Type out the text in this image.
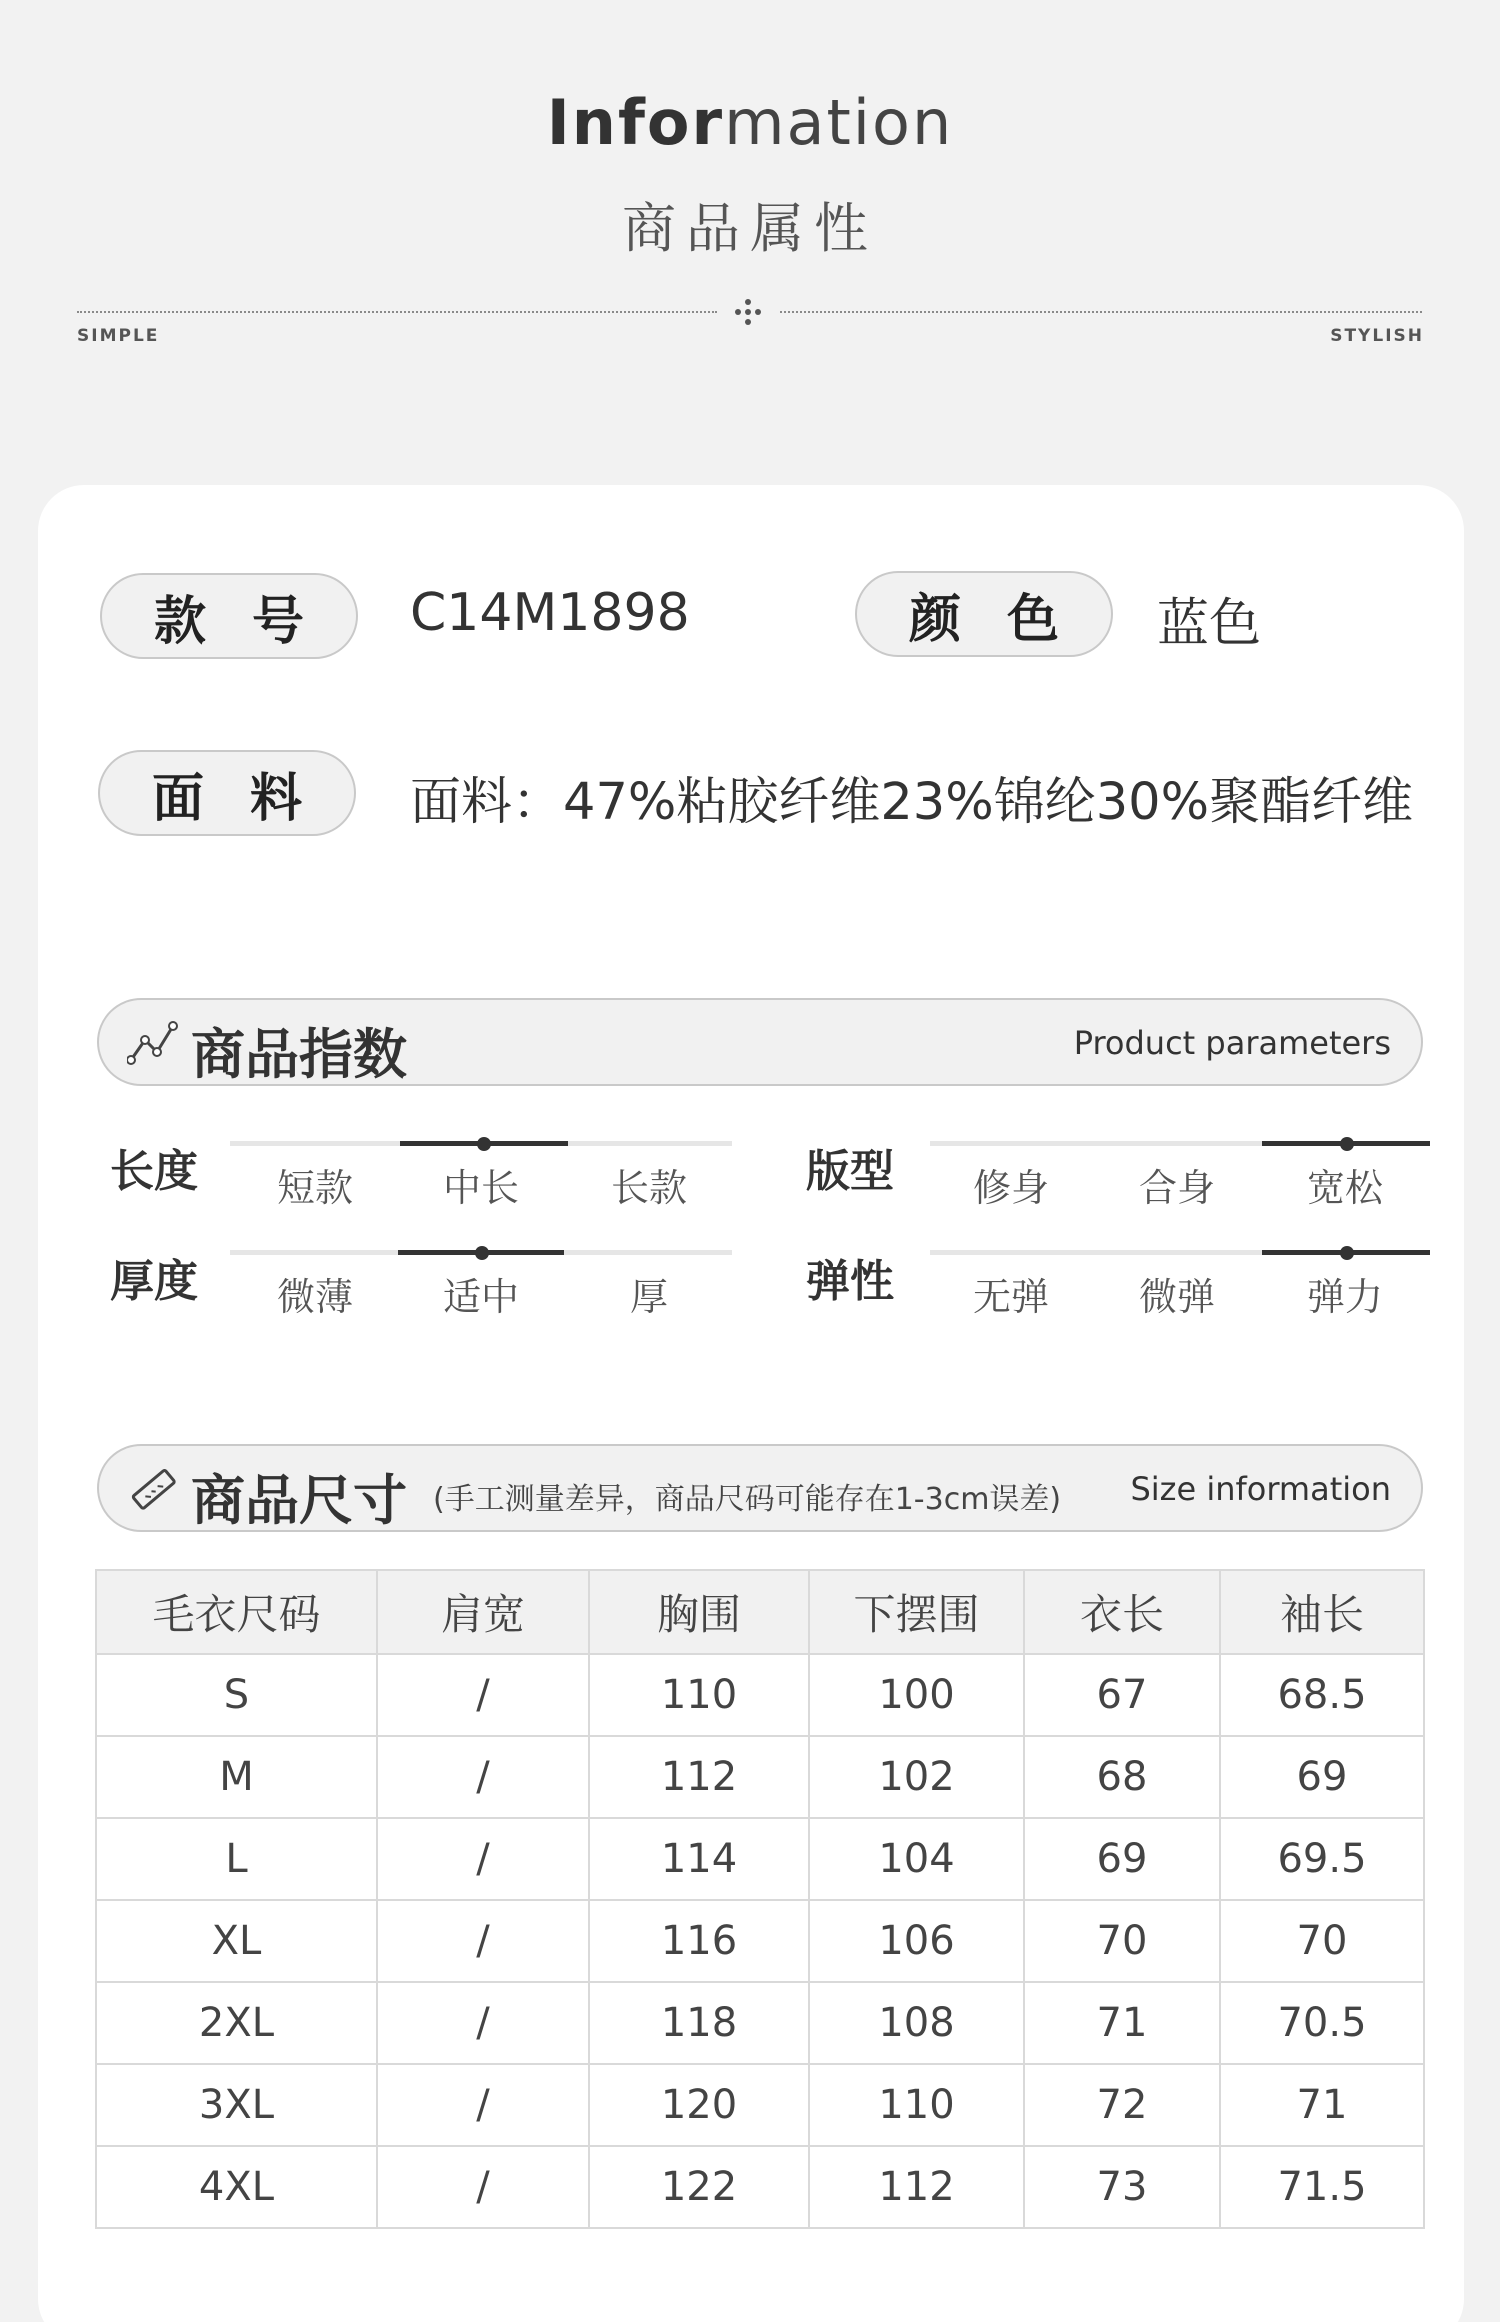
Information
商品属性
SIMPLE	STYLISH
款 号	C14M1898	颜 色	蓝色
面 料	面料：47%粘胶纤维23%锦纶30%聚酯纤维
商品指数	Product parameters
长度	短款	中长	长款	版型	修身	合身	宽松
厚度	微薄	适中	厚	弹性	无弹	微弹	弹力
商品尺寸 (手工测量差异，商品尺码可能存在1-3cm误差) Size information
毛衣尺码	肩宽	胸围	下摆围	衣长	袖长
S	/	110	100	67	68.5
M	/	112	102	68	69
L	/	114	104	69	69.5
XL	/	116	106	70	70
2XL	/	118	108	71	70.5
3XL	/	120	110	72	71
4XL	/	122	112	73	71.5
